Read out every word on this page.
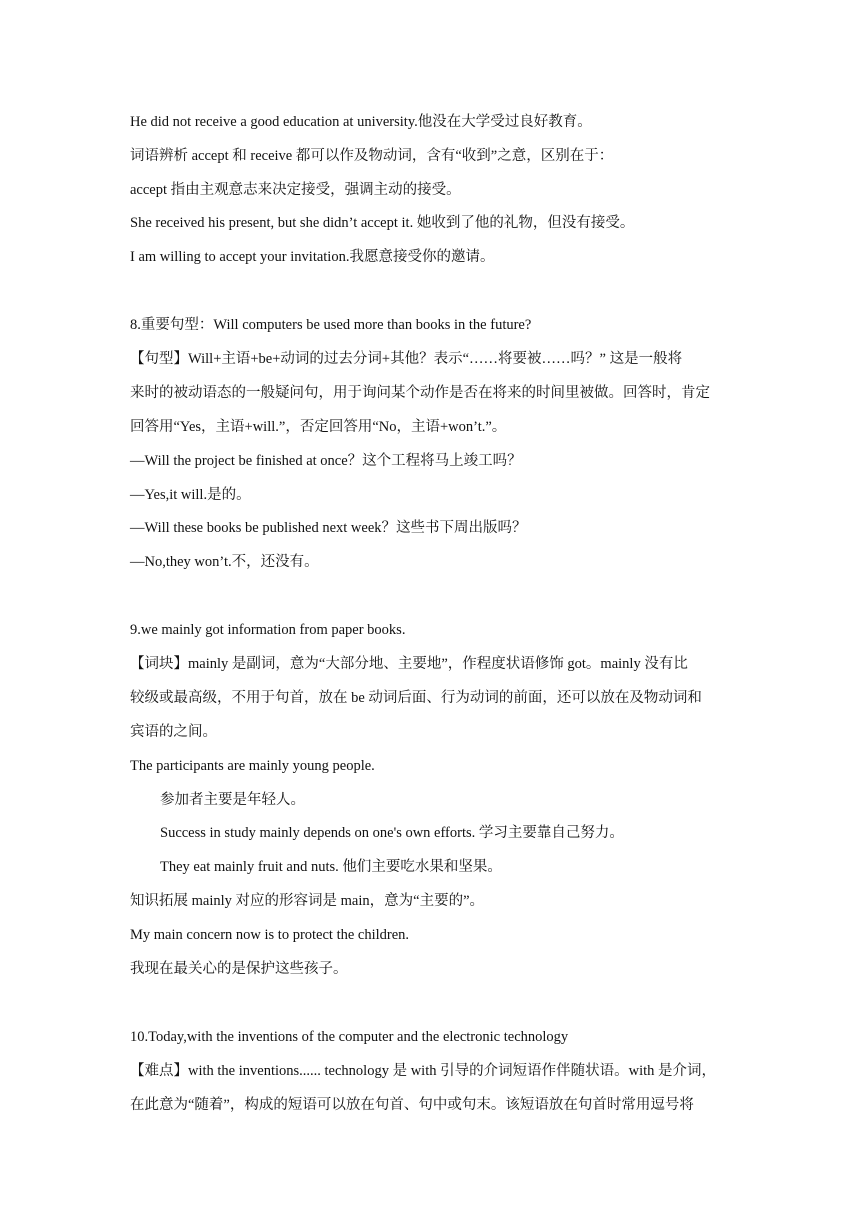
He did not receive a good education at university.他没在大学受过良好教育。
词语辨析 accept 和 receive 都可以作及物动词，含有“收到”之意，区别在于：
accept 指由主观意志来决定接受，强调主动的接受。
She received his present, but she didn’t accept it. 她收到了他的礼物，但没有接受。
I am willing to accept your invitation.我愿意接受你的邀请。
8.重要句型：Will computers be used more than books in the future?
【句型】Will+主语+be+动词的过去分词+其他？表示“……将要被……吗？” 这是一般将
来时的被动语态的一般疑问句，用于询问某个动作是否在将来的时间里被做。回答时，肯定
回答用“Yes，主语+will.”，否定回答用“No，主语+won’t.”。
—Will the project be finished at once？这个工程将马上竣工吗？
—Yes,it will.是的。
—Will these books be published next week？这些书下周出版吗？
—No,they won’t.不，还没有。
9.we mainly got information from paper books.
【词块】mainly 是副词，意为“大部分地、主要地”，作程度状语修饰 got。mainly 没有比
较级或最高级，不用于句首，放在 be 动词后面、行为动词的前面，还可以放在及物动词和
宾语的之间。
The participants are mainly young people.
参加者主要是年轻人。
Success in study mainly depends on one's own efforts. 学习主要靠自己努力。
They eat mainly fruit and nuts. 他们主要吃水果和坚果。
知识拓展 mainly 对应的形容词是 main，意为“主要的”。
My main concern now is to protect the children.
我现在最关心的是保护这些孩子。
10.Today,with the inventions of the computer and the electronic technology
【难点】with the inventions...... technology 是 with 引导的介词短语作伴随状语。with 是介词，
在此意为“随着”，构成的短语可以放在句首、句中或句末。该短语放在句首时常用逗号将
